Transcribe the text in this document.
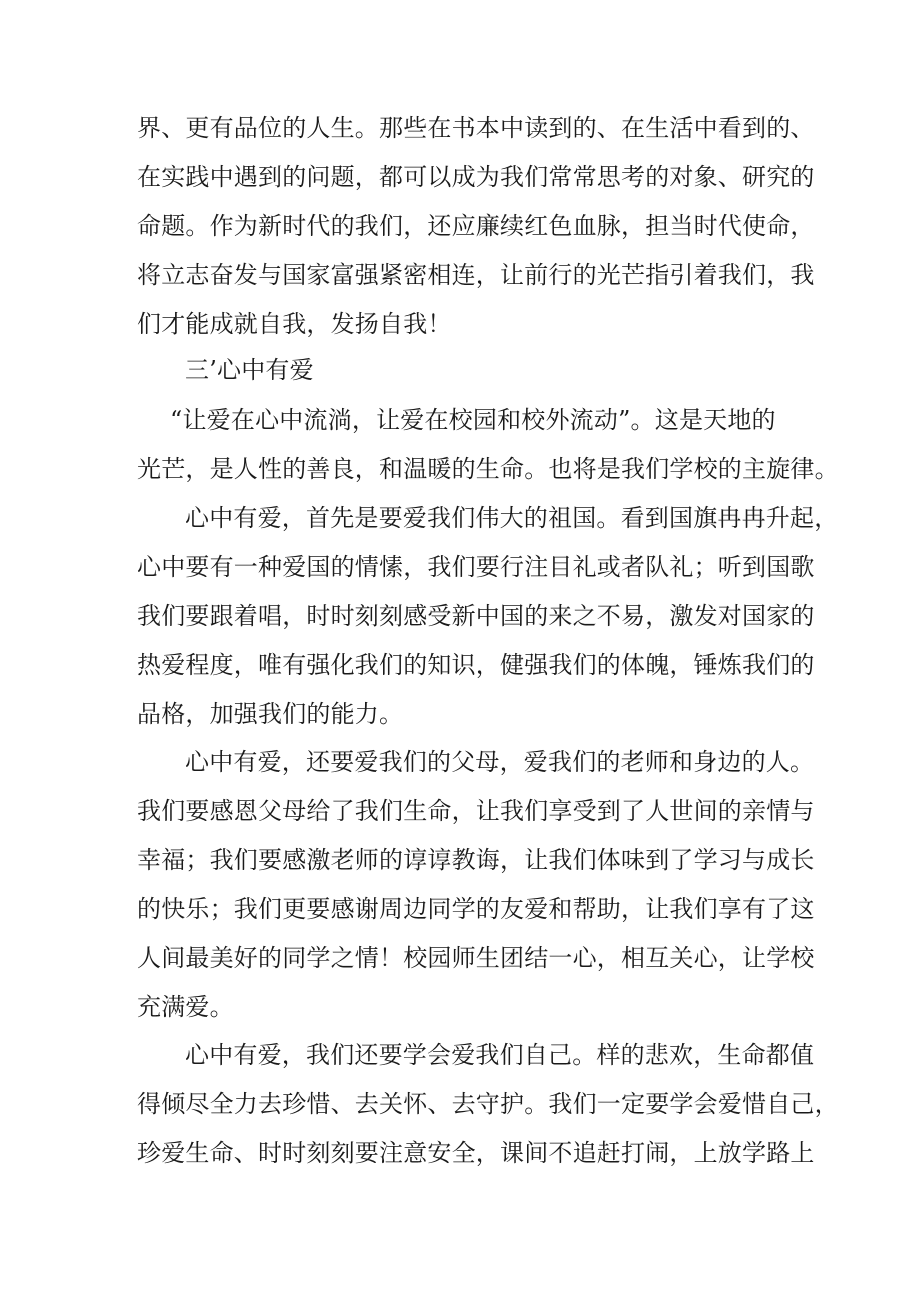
界、更有品位的人生。那些在书本中读到的、在生活中看到的、
在实践中遇到的问题，都可以成为我们常常思考的对象、研究的
命题。作为新时代的我们，还应廉续红色血脉，担当时代使命，
将立志奋发与国家富强紧密相连，让前行的光芒指引着我们，我
们才能成就自我，发扬自我！
三’心中有爱
“让爱在心中流淌，让爱在校园和校外流动”。这是天地的
光芒，是人性的善良，和温暖的生命。也将是我们学校的主旋律。
心中有爱，首先是要爱我们伟大的祖国。看到国旗冉冉升起，
心中要有一种爱国的情愫，我们要行注目礼或者队礼；听到国歌
我们要跟着唱，时时刻刻感受新中国的来之不易，激发对国家的
热爱程度，唯有强化我们的知识，健强我们的体魄，锤炼我们的
品格，加强我们的能力。
心中有爱，还要爱我们的父母，爱我们的老师和身边的人。
我们要感恩父母给了我们生命，让我们享受到了人世间的亲情与
幸福；我们要感激老师的谆谆教诲，让我们体味到了学习与成长
的快乐；我们更要感谢周边同学的友爱和帮助，让我们享有了这
人间最美好的同学之情！校园师生团结一心，相互关心，让学校
充满爱。
心中有爱，我们还要学会爱我们自己。样的悲欢，生命都值
得倾尽全力去珍惜、去关怀、去守护。我们一定要学会爱惜自己，
珍爱生命、时时刻刻要注意安全，课间不追赶打闹，上放学路上
